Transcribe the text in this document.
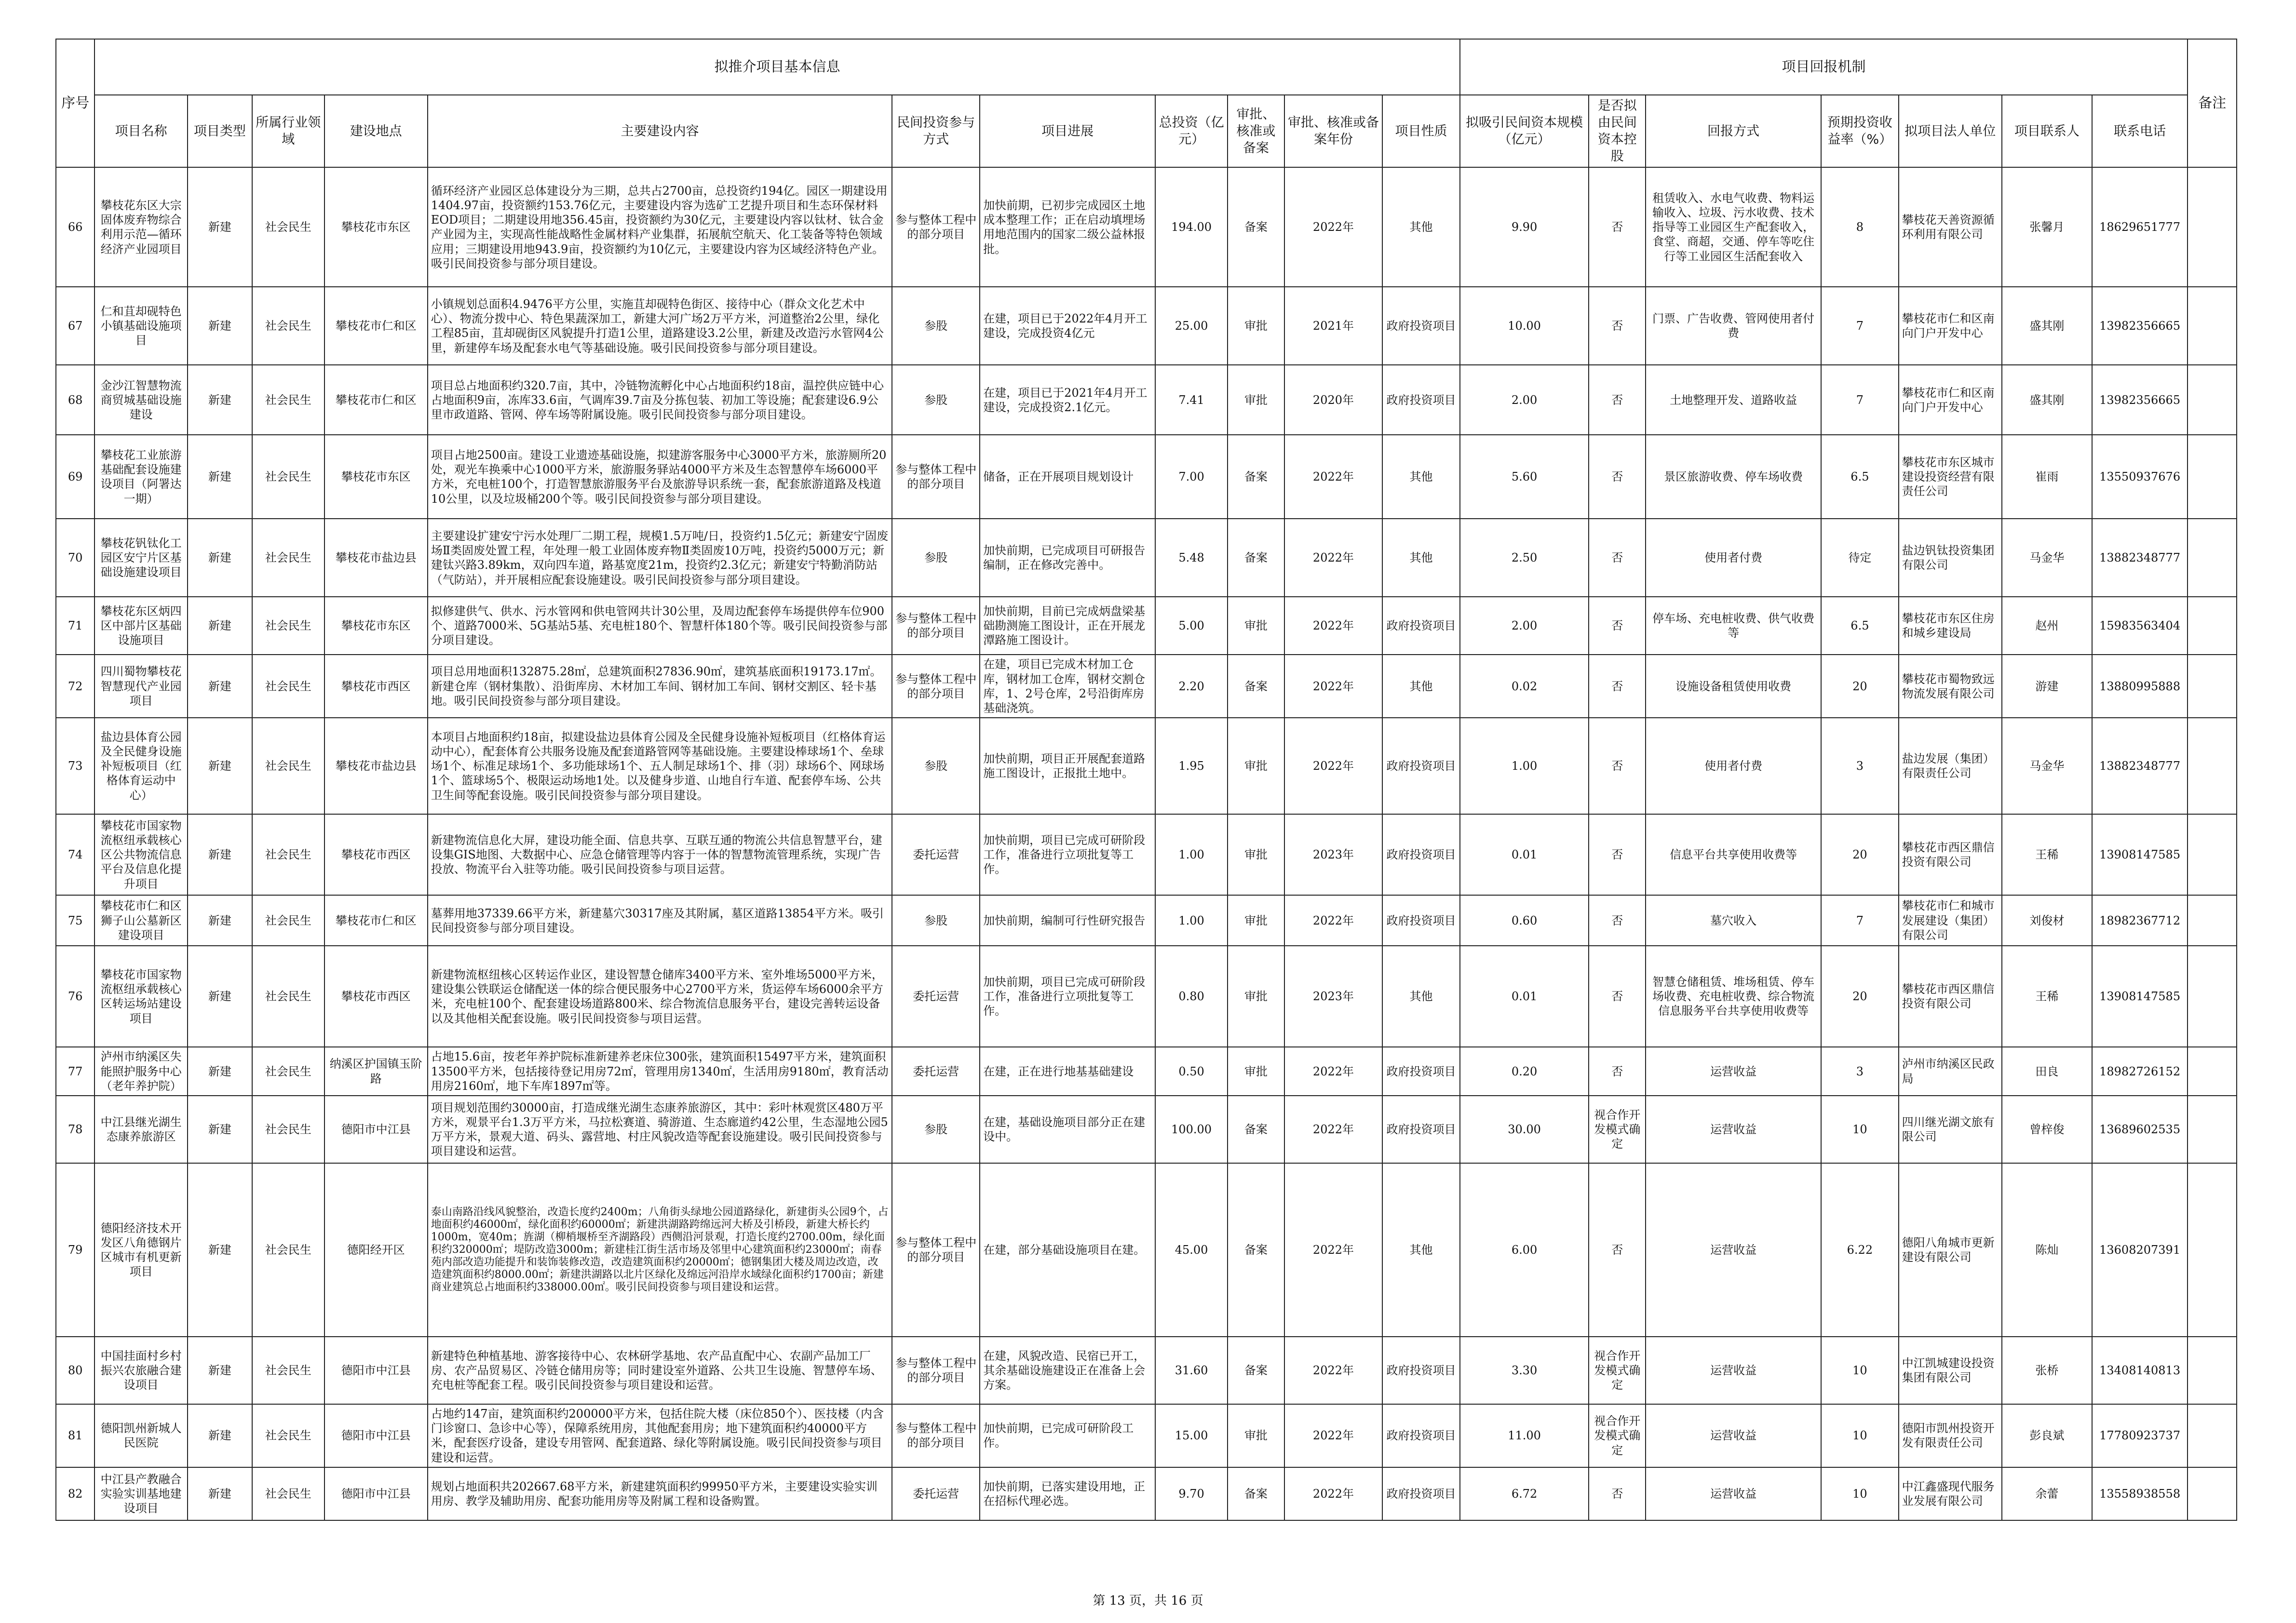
序号	拟推介项目基本信息											项目回报机制							备注
	项目名称	项目类型	所属行业领域	建设地点	主要建设内容	民间投资参与方式	项目进展	总投资（亿元）	审批、核准或备案	审批、核准或备案年份	项目性质	拟吸引民间资本规模（亿元）	是否拟由民间资本控股	回报方式	预期投资收益率（%）	拟项目法人单位	项目联系人	联系电话	
66	攀枝花东区大宗固体废弃物综合利用示范—循环经济产业园项目	新建	社会民生	攀枝花市东区	循环经济产业园区总体建设分为三期，总共占2700亩，总投资约194亿。园区一期建设用1404.97亩，投资额约153.76亿元，主要建设内容为选矿工艺提升项目和生态环保材料EOD项目；二期建设用地356.45亩，投资额约为30亿元，主要建设内容以钛材、钛合金产业园为主，实现高性能战略性金属材料产业集群，拓展航空航天、化工装备等特色领域应用；三期建设用地943.9亩，投资额约为10亿元，主要建设内容为区域经济特色产业。吸引民间投资参与部分项目建设。	参与整体工程中的部分项目	加快前期，已初步完成园区土地成本整理工作；正在启动填埋场用地范围内的国家二级公益林报批。	194.00	备案	2022年	其他	9.90	否	租赁收入、水电气收费、物料运输收入、垃圾、污水收费、技术指导等工业园区生产配套收入，食堂、商超，交通、停车等吃住行等工业园区生活配套收入	8	攀枝花天善资源循环利用有限公司	张馨月	18629651777	
67	仁和苴却砚特色小镇基础设施项目	新建	社会民生	攀枝花市仁和区	小镇规划总面积4.9476平方公里，实施苴却砚特色街区、接待中心（群众文化艺术中心）、物流分拨中心、特色果蔬深加工，新建大河广场2万平方米，河道整治2公里，绿化工程85亩，苴却砚街区风貌提升打造1公里，道路建设3.2公里，新建及改造污水管网4公里，新建停车场及配套水电气等基础设施。吸引民间投资参与部分项目建设。	参股	在建，项目已于2022年4月开工建设，完成投资4亿元	25.00	审批	2021年	政府投资项目	10.00	否	门票、广告收费、管网使用者付费	7	攀枝花市仁和区南向门户开发中心	盛其刚	13982356665	
68	金沙江智慧物流商贸城基础设施建设	新建	社会民生	攀枝花市仁和区	项目总占地面积约320.7亩，其中，冷链物流孵化中心占地面积约18亩，温控供应链中心占地面积9亩，冻库33.6亩，气调库39.7亩及分拣包装、初加工等设施；配套建设6.9公里市政道路、管网、停车场等附属设施。吸引民间投资参与部分项目建设。	参股	在建，项目已于2021年4月开工建设，完成投资2.1亿元。	7.41	审批	2020年	政府投资项目	2.00	否	土地整理开发、道路收益	7	攀枝花市仁和区南向门户开发中心	盛其刚	13982356665	
69	攀枝花工业旅游基础配套设施建设项目（阿署达一期）	新建	社会民生	攀枝花市东区	项目占地2500亩。建设工业遗迹基础设施，拟建游客服务中心3000平方米，旅游厕所20处，观光车换乘中心1000平方米，旅游服务驿站4000平方米及生态智慧停车场6000平方米，充电桩100个，打造智慧旅游服务平台及旅游导识系统一套，配套旅游道路及栈道10公里，以及垃圾桶200个等。吸引民间投资参与部分项目建设。	参与整体工程中的部分项目	储备，正在开展项目规划设计	7.00	备案	2022年	其他	5.60	否	景区旅游收费、停车场收费	6.5	攀枝花市东区城市建设投资经营有限责任公司	崔雨	13550937676	
70	攀枝花钒钛化工园区安宁片区基础设施建设项目	新建	社会民生	攀枝花市盐边县	主要建设扩建安宁污水处理厂二期工程，规模1.5万吨/日，投资约1.5亿元；新建安宁固废场Ⅱ类固废处置工程，年处理一般工业固体废弃物Ⅱ类固废10万吨，投资约5000万元；新建钛兴路3.89km，双向四车道，路基宽度21m，投资约2.3亿元；新建安宁特勤消防站（气防站），并开展相应配套设施建设。吸引民间投资参与部分项目建设。	参股	加快前期，已完成项目可研报告编制，正在修改完善中。	5.48	备案	2022年	其他	2.50	否	使用者付费	待定	盐边钒钛投资集团有限公司	马金华	13882348777	
71	攀枝花东区炳四区中部片区基础设施项目	新建	社会民生	攀枝花市东区	拟修建供气、供水、污水管网和供电管网共计30公里，及周边配套停车场提供停车位900个、道路7000米、5G基站5基、充电桩180个、智慧杆体180个等。吸引民间投资参与部分项目建设。	参与整体工程中的部分项目	加快前期，目前已完成炳盘梁基础勘测施工图设计，正在开展龙潭路施工图设计。	5.00	审批	2022年	政府投资项目	2.00	否	停车场、充电桩收费、供气收费等	6.5	攀枝花市东区住房和城乡建设局	赵州	15983563404	
72	四川蜀物攀枝花智慧现代产业园项目	新建	社会民生	攀枝花市西区	项目总用地面积132875.28㎡，总建筑面积27836.90㎡，建筑基底面积19173.17㎡。新建仓库（钢材集散）、沿街库房、木材加工车间、钢材加工车间、钢材交割区、轻卡基地。吸引民间投资参与部分项目建设。	参与整体工程中的部分项目	在建，项目已完成木材加工仓库，钢材加工仓库，钢材交割仓库，1、2号仓库，2号沿街库房基础浇筑。	2.20	备案	2022年	其他	0.02	否	设施设备租赁使用收费	20	攀枝花市蜀物致远物流发展有限公司	游建	13880995888	
73	盐边县体育公园及全民健身设施补短板项目（红格体育运动中心）	新建	社会民生	攀枝花市盐边县	本项目占地面积约18亩，拟建设盐边县体育公园及全民健身设施补短板项目（红格体育运动中心），配套体育公共服务设施及配套道路管网等基础设施。主要建设棒球场1个、垒球场1个、标准足球场1个、多功能球场1个、五人制足球场1个、排（羽）球场6个、网球场1个、篮球场5个、极限运动场地1处。以及健身步道、山地自行车道、配套停车场、公共卫生间等配套设施。吸引民间投资参与部分项目建设。	参股	加快前期，项目正开展配套道路施工图设计，正报批土地中。	1.95	审批	2022年	政府投资项目	1.00	否	使用者付费	3	盐边发展（集团）有限责任公司	马金华	13882348777	
74	攀枝花市国家物流枢纽承载核心区公共物流信息平台及信息化提升项目	新建	社会民生	攀枝花市西区	新建物流信息化大屏，建设功能全面、信息共享、互联互通的物流公共信息智慧平台，建设集GIS地图、大数据中心、应急仓储管理等内容于一体的智慧物流管理系统，实现广告投放、物流平台入驻等功能。吸引民间投资参与项目运营。	委托运营	加快前期，项目已完成可研阶段工作，准备进行立项批复等工作。	1.00	审批	2023年	政府投资项目	0.01	否	信息平台共享使用收费等	20	攀枝花市西区鼎信投资有限公司	王稀	13908147585	
75	攀枝花市仁和区狮子山公墓新区建设项目	新建	社会民生	攀枝花市仁和区	墓葬用地37339.66平方米，新建墓穴30317座及其附属，墓区道路13854平方米。吸引民间投资参与部分项目建设。	参股	加快前期，编制可行性研究报告	1.00	审批	2022年	政府投资项目	0.60	否	墓穴收入	7	攀枝花市仁和城市发展建设（集团）有限公司	刘俊材	18982367712	
76	攀枝花市国家物流枢纽承载核心区转运场站建设项目	新建	社会民生	攀枝花市西区	新建物流枢纽核心区转运作业区，建设智慧仓储库3400平方米、室外堆场5000平方米，建设集公铁联运仓储配送一体的综合便民服务中心2700平方米，货运停车场6000余平方米，充电桩100个、配套建设场道路800米、综合物流信息服务平台，建设完善转运设备以及其他相关配套设施。吸引民间投资参与项目运营。	委托运营	加快前期，项目已完成可研阶段工作，准备进行立项批复等工作。	0.80	审批	2023年	其他	0.01	否	智慧仓储租赁、堆场租赁、停车场收费、充电桩收费、综合物流信息服务平台共享使用收费等	20	攀枝花市西区鼎信投资有限公司	王稀	13908147585	
77	泸州市纳溪区失能照护服务中心（老年养护院）	新建	社会民生	纳溪区护国镇玉阶路	占地15.6亩，按老年养护院标准新建养老床位300张，建筑面积15497平方米，建筑面积13500平方米，包括接待登记用房72㎡，管理用房1340㎡，生活用房9180㎡，教育活动用房2160㎡，地下车库1897㎡等。	委托运营	在建，正在进行地基基础建设	0.50	审批	2022年	政府投资项目	0.20	否	运营收益	3	泸州市纳溪区民政局	田良	18982726152	
78	中江县继光湖生态康养旅游区	新建	社会民生	德阳市中江县	项目规划范围约30000亩，打造成继光湖生态康养旅游区，其中：彩叶林观赏区480万平方米，观景平台1.3万平方米，马拉松赛道、骑游道、生态廊道约42公里，生态湿地公园5万平方米，景观大道、码头、露营地、村庄风貌改造等配套设施建设。吸引民间投资参与项目建设和运营。	参股	在建，基础设施项目部分正在建设中。	100.00	备案	2022年	政府投资项目	30.00	视合作开发模式确定	运营收益	10	四川继光湖文旅有限公司	曾梓俊	13689602535	
79	德阳经济技术开发区八角德钢片区城市有机更新项目	新建	社会民生	德阳经开区	泰山南路沿线风貌整治，改造长度约2400m；八角街头绿地公园道路绿化，新建街头公园9个，占地面积约46000㎡，绿化面积约60000㎡；新建洪湖路跨绵远河大桥及引桥段，新建大桥长约1000m，宽40m；旌湖（柳梢堰桥至齐湖路段）西侧沿河景观，打造长度约2700.00m，绿化面积约320000㎡；堤防改造3000m；新建桂江街生活市场及邻里中心建筑面积约23000㎡；南春苑内部改造功能提升和装饰装修改造，改造建筑面积约20000㎡；德钢集团大楼及周边改造，改造建筑面积约8000.00㎡；新建洪湖路以北片区绿化及绵远河沿岸水域绿化面积约1700亩；新建商业建筑总占地面积约338000.00㎡。吸引民间投资参与项目建设和运营。	参与整体工程中的部分项目	在建，部分基础设施项目在建。	45.00	备案	2022年	其他	6.00	否	运营收益	6.22	德阳八角城市更新建设有限公司	陈灿	13608207391	
80	中国挂面村乡村振兴农旅融合建设项目	新建	社会民生	德阳市中江县	新建特色种植基地、游客接待中心、农林研学基地、农产品直配中心、农副产品加工厂房、农产品贸易区、冷链仓储用房等；同时建设室外道路、公共卫生设施、智慧停车场、充电桩等配套工程。吸引民间投资参与项目建设和运营。	参与整体工程中的部分项目	在建，风貌改造、民宿已开工，其余基础设施建设正在准备上会方案。	31.60	备案	2022年	政府投资项目	3.30	视合作开发模式确定	运营收益	10	中江凯城建设投资集团有限公司	张桥	13408140813	
81	德阳凯州新城人民医院	新建	社会民生	德阳市中江县	占地约147亩，建筑面积约200000平方米，包括住院大楼（床位850个）、医技楼（内含门诊窗口、急诊中心等），保障系统用房，其他配套用房；地下建筑面积约40000平方米，配套医疗设备，建设专用管网、配套道路、绿化等附属设施。吸引民间投资参与项目建设和运营。	参与整体工程中的部分项目	加快前期，已完成可研阶段工作。	15.00	审批	2022年	政府投资项目	11.00	视合作开发模式确定	运营收益	10	德阳市凯州投资开发有限责任公司	彭良斌	17780923737	
82	中江县产教融合实验实训基地建设项目	新建	社会民生	德阳市中江县	规划占地面积共202667.68平方米，新建建筑面积约99950平方米，主要建设实验实训用房、教学及辅助用房、配套功能用房等及附属工程和设备购置。	委托运营	加快前期，已落实建设用地，正在招标代理必选。	9.70	备案	2022年	政府投资项目	6.72	否	运营收益	10	中江鑫盛现代服务业发展有限公司	余蕾	13558938558	
第 13 页，共 16 页
